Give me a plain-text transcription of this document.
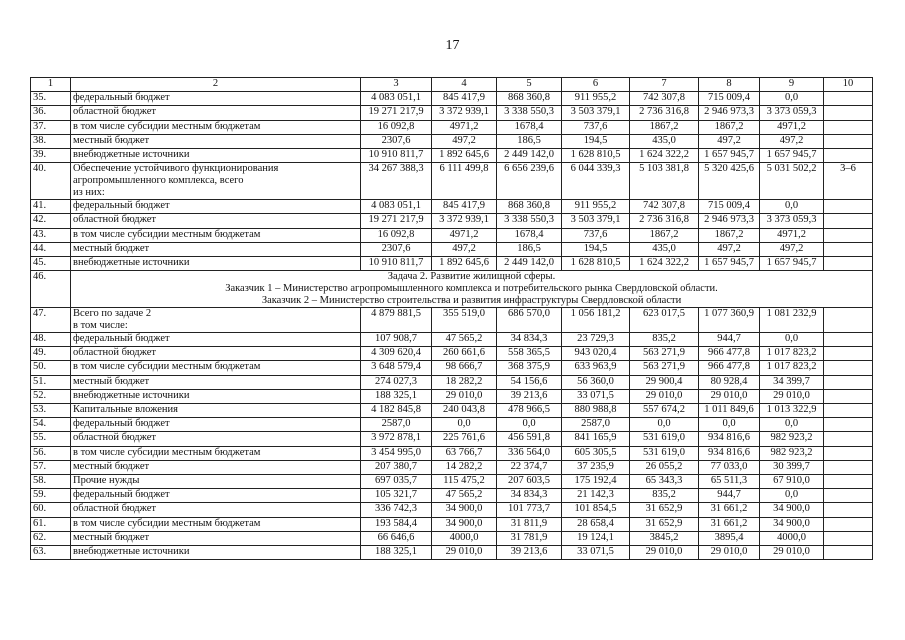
17
1	2	3	4	5	6	7	8	9	10
35.	федеральный бюджет	4 083 051,1	845 417,9	868 360,8	911 955,2	742 307,8	715 009,4	0,0	
36.	областной бюджет	19 271 217,9	3 372 939,1	3 338 550,3	3 503 379,1	2 736 316,8	2 946 973,3	3 373 059,3	
37.	в том числе субсидии местным бюджетам	16 092,8	4971,2	1678,4	737,6	1867,2	1867,2	4971,2	
38.	местный бюджет	2307,6	497,2	186,5	194,5	435,0	497,2	497,2	
39.	внебюджетные источники	10 910 811,7	1 892 645,6	2 449 142,0	1 628 810,5	1 624 322,2	1 657 945,7	1 657 945,7	
40.	Обеспечение устойчивого функционирования
агропромышленного комплекса, всего
из них:	34 267 388,3	6 111 499,8	6 656 239,6	6 044 339,3	5 103 381,8	5 320 425,6	5 031 502,2	3–6
41.	федеральный бюджет	4 083 051,1	845 417,9	868 360,8	911 955,2	742 307,8	715 009,4	0,0	
42.	областной бюджет	19 271 217,9	3 372 939,1	3 338 550,3	3 503 379,1	2 736 316,8	2 946 973,3	3 373 059,3	
43.	в том числе субсидии местным бюджетам	16 092,8	4971,2	1678,4	737,6	1867,2	1867,2	4971,2	
44.	местный бюджет	2307,6	497,2	186,5	194,5	435,0	497,2	497,2	
45.	внебюджетные источники	10 910 811,7	1 892 645,6	2 449 142,0	1 628 810,5	1 624 322,2	1 657 945,7	1 657 945,7	
46.	Задача 2. Развитие жилищной сферы.
Заказчик 1 – Министерство агропромышленного комплекса и потребительского рынка Свердловской области.
Заказчик 2 – Министерство строительства и развития инфраструктуры Свердловской области								

47.	Всего по задаче 2
в том числе:	4 879 881,5	355 519,0	686 570,0	1 056 181,2	623 017,5	1 077 360,9	1 081 232,9	
48.	федеральный бюджет	107 908,7	47 565,2	34 834,3	23 729,3	835,2	944,7	0,0	
49.	областной бюджет	4 309 620,4	260 661,6	558 365,5	943 020,4	563 271,9	966 477,8	1 017 823,2	
50.	в том числе субсидии местным бюджетам	3 648 579,4	98 666,7	368 375,9	633 963,9	563 271,9	966 477,8	1 017 823,2	
51.	местный бюджет	274 027,3	18 282,2	54 156,6	56 360,0	29 900,4	80 928,4	34 399,7	
52.	внебюджетные источники	188 325,1	29 010,0	39 213,6	33 071,5	29 010,0	29 010,0	29 010,0	
53.	Капитальные вложения	4 182 845,8	240 043,8	478 966,5	880 988,8	557 674,2	1 011 849,6	1 013 322,9	
54.	федеральный бюджет	2587,0	0,0	0,0	2587,0	0,0	0,0	0,0	
55.	областной бюджет	3 972 878,1	225 761,6	456 591,8	841 165,9	531 619,0	934 816,6	982 923,2	
56.	в том числе субсидии местным бюджетам	3 454 995,0	63 766,7	336 564,0	605 305,5	531 619,0	934 816,6	982 923,2	
57.	местный бюджет	207 380,7	14 282,2	22 374,7	37 235,9	26 055,2	77 033,0	30 399,7	
58.	Прочие нужды	697 035,7	115 475,2	207 603,5	175 192,4	65 343,3	65 511,3	67 910,0	
59.	федеральный бюджет	105 321,7	47 565,2	34 834,3	21 142,3	835,2	944,7	0,0	
60.	областной бюджет	336 742,3	34 900,0	101 773,7	101 854,5	31 652,9	31 661,2	34 900,0	
61.	в том числе субсидии местным бюджетам	193 584,4	34 900,0	31 811,9	28 658,4	31 652,9	31 661,2	34 900,0	
62.	местный бюджет	66 646,6	4000,0	31 781,9	19 124,1	3845,2	3895,4	4000,0	
63.	внебюджетные источники	188 325,1	29 010,0	39 213,6	33 071,5	29 010,0	29 010,0	29 010,0	
